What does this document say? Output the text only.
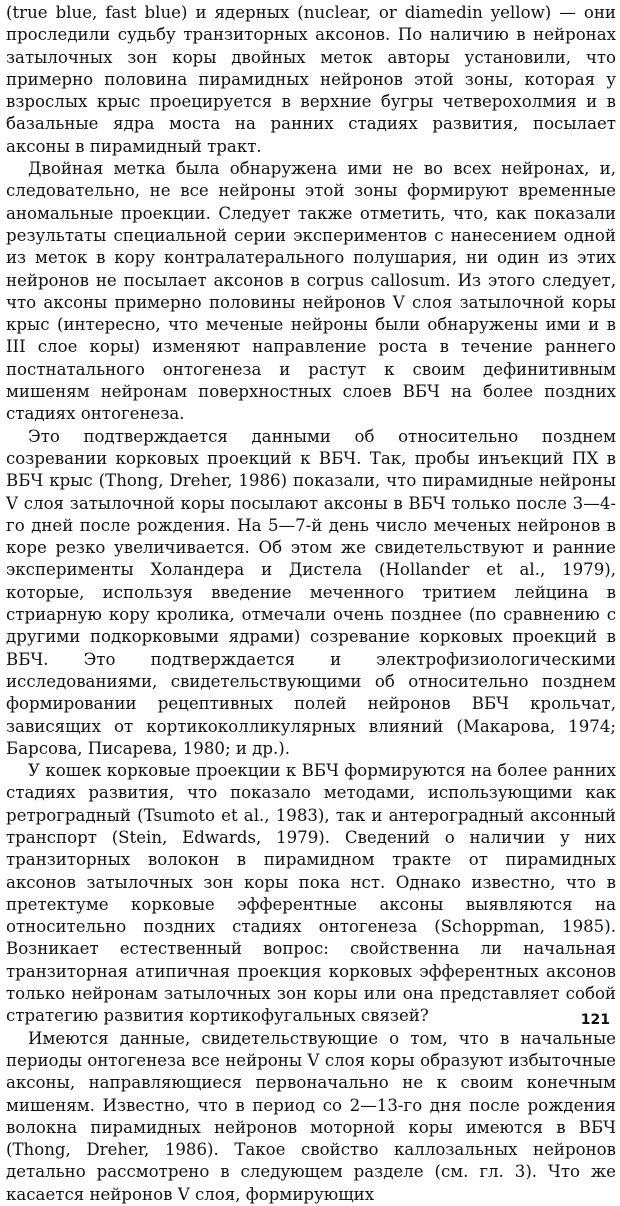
(true blue, fast blue) и ядерных (nuclear, or diamedin yellow) — они проследили судьбу транзиторных аксонов. По наличию в нейронах затылочных зон коры двойных меток авторы установили, что примерно половина пирамидных нейронов этой зоны, которая у взрослых крыс проецируется в верхние бугры четверохолмия и в базальные ядра моста на ранних стадиях развития, посылает аксоны в пирамидный тракт.

Двойная метка была обнаружена ими не во всех нейронах, и, следовательно, не все нейроны этой зоны формируют временные аномальные проекции. Следует также отметить, что, как показали результаты специальной серии экспериментов с нанесением одной из меток в кору контралатерального полушария, ни один из этих нейронов не посылает аксонов в corpus callosum. Из этого следует, что аксоны примерно половины нейронов V слоя затылочной коры крыс (интересно, что меченые нейроны были обнаружены ими и в III слое коры) изменяют направление роста в течение раннего постнатального онтогенеза и растут к своим дефинитивным мишеням нейронам поверхностных слоев ВБЧ на более поздних стадиях онтогенеза.

Это подтверждается данными об относительно позднем созревании корковых проекций к ВБЧ. Так, пробы инъекций ПХ в ВБЧ крыс (Thong, Dreher, 1986) показали, что пирамидные нейроны V слоя затылочной коры посылают аксоны в ВБЧ только после 3—4-го дней после рождения. На 5—7-й день число меченых нейронов в коре резко увеличивается. Об этом же свидетельствуют и ранние эксперименты Холандера и Дистела (Hollander et al., 1979), которые, используя введение меченного тритием лейцина в стриарную кору кролика, отмечали очень позднее (по сравнению с другими подкорковыми ядрами) созревание корковых проекций в ВБЧ. Это подтверждается и электрофизиологическими исследованиями, свидетельствующими об относительно позднем формировании рецептивных полей нейронов ВБЧ крольчат, зависящих от кортикоколликулярных влияний (Макарова, 1974; Барсова, Писарева, 1980; и др.).

У кошек корковые проекции к ВБЧ формируются на более ранних стадиях развития, что показало методами, использующими как ретроградный (Tsumoto et al., 1983), так и антероградный аксонный транспорт (Stein, Edwards, 1979). Сведений о наличии у них транзиторных волокон в пирамидном тракте от пирамидных аксонов затылочных зон коры пока нст. Однако известно, что в претектуме корковые эфферентные аксоны выявляются на относительно поздних стадиях онтогенеза (Schoppman, 1985). Возникает естественный вопрос: свойственна ли начальная транзиторная атипичная проекция корковых эфферентных аксонов только нейронам затылочных зон коры или она представляет собой стратегию развития кортикофугальных связей?

Имеются данные, свидетельствующие о том, что в начальные периоды онтогенеза все нейроны V слоя коры образуют избыточные аксоны, направляющиеся первоначально не к своим конечным мишеням. Известно, что в период со 2—13-го дня после рождения волокна пирамидных нейронов моторной коры имеются в ВБЧ (Thong, Dreher, 1986). Такое свойство каллозальных нейронов детально рассмотрено в следующем разделе (см. гл. 3). Что же касается нейронов V слоя, формирующих

121
